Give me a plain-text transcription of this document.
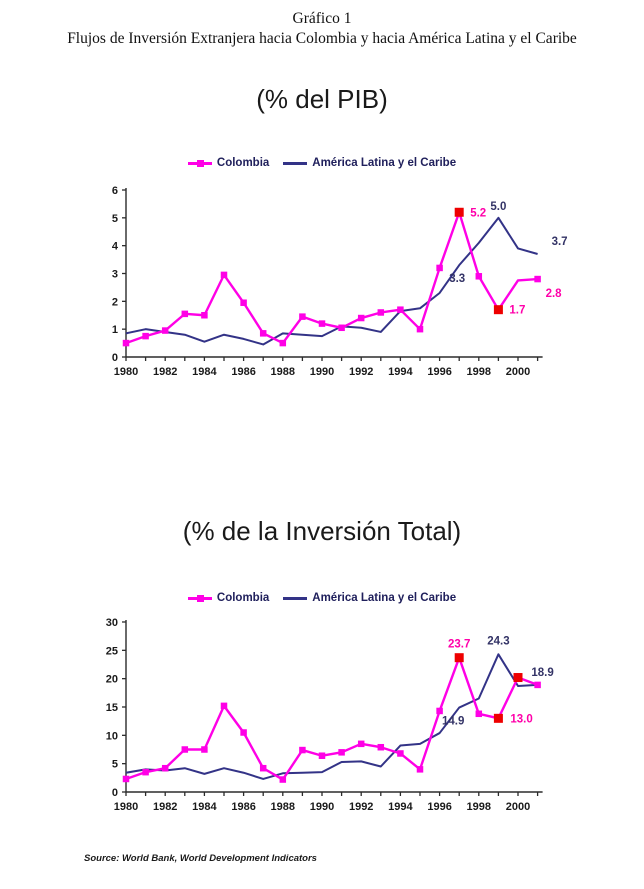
Gráfico 1
Flujos de Inversión Extranjera hacia Colombia y hacia América Latina y el Caribe
(% del PIB)
Colombia	América Latina y el Caribe
0
1
2
3
4
5
6
1980 1982 1984 1986 1988 1990 1992 1994 1996 1998 2000
5.2
5.0
3.3
1.7
3.7
2.8
(% de la Inversión Total)
Colombia	América Latina y el Caribe
0
5
10
15
20
25
30
1980 1982 1984 1986 1988 1990 1992 1994 1996 1998 2000
23.7 24.3
14.9	13.0
18.9
Source: World Bank, World Development Indicators
